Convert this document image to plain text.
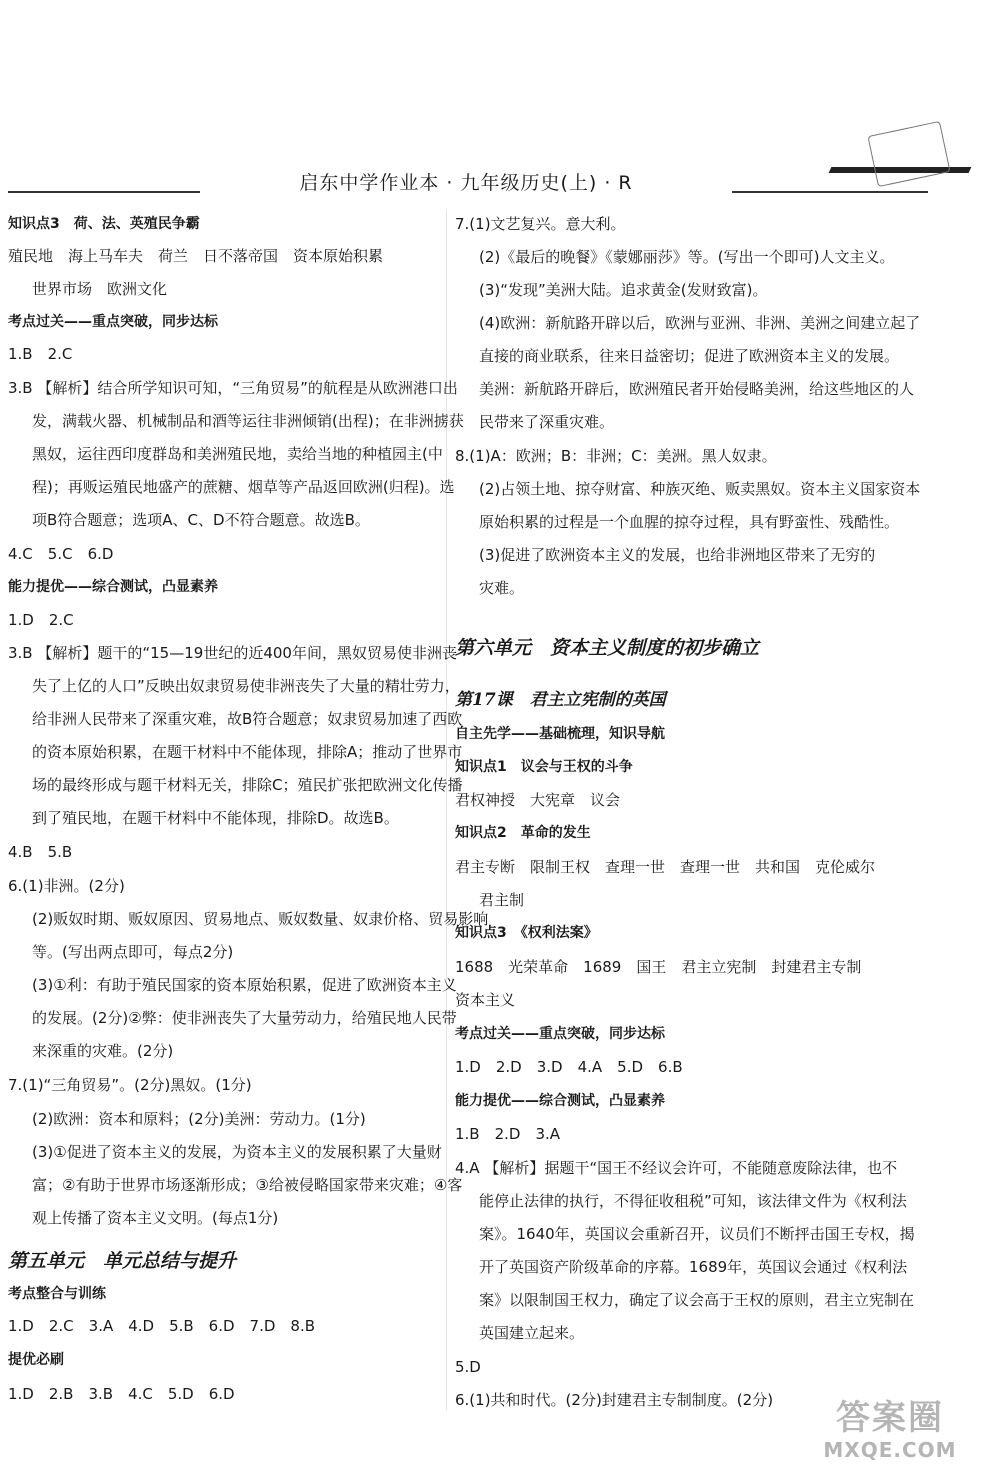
启东中学作业本 · 九年级历史(上) · R
知识点3　荷、法、英殖民争霸
殖民地　海上马车夫　荷兰　日不落帝国　资本原始积累
世界市场　欧洲文化
考点过关——重点突破，同步达标
1.B　2.C
3.B 【解析】结合所学知识可知，“三角贸易”的航程是从欧洲港口出
发，满载火器、机械制品和酒等运往非洲倾销(出程)；在非洲掳获
黑奴，运往西印度群岛和美洲殖民地，卖给当地的种植园主(中
程)；再贩运殖民地盛产的蔗糖、烟草等产品返回欧洲(归程)。选
项B符合题意；选项A、C、D不符合题意。故选B。
4.C　5.C　6.D
能力提优——综合测试，凸显素养
1.D　2.C
3.B 【解析】题干的“15—19世纪的近400年间，黑奴贸易使非洲丧
失了上亿的人口”反映出奴隶贸易使非洲丧失了大量的精壮劳力，
给非洲人民带来了深重灾难，故B符合题意；奴隶贸易加速了西欧
的资本原始积累，在题干材料中不能体现，排除A；推动了世界市
场的最终形成与题干材料无关，排除C；殖民扩张把欧洲文化传播
到了殖民地，在题干材料中不能体现，排除D。故选B。
4.B　5.B
6.(1)非洲。(2分)
(2)贩奴时期、贩奴原因、贸易地点、贩奴数量、奴隶价格、贸易影响
等。(写出两点即可，每点2分)
(3)①利：有助于殖民国家的资本原始积累，促进了欧洲资本主义
的发展。(2分)②弊：使非洲丧失了大量劳动力，给殖民地人民带
来深重的灾难。(2分)
7.(1)“三角贸易”。(2分)黑奴。(1分)
(2)欧洲：资本和原料；(2分)美洲：劳动力。(1分)
(3)①促进了资本主义的发展，为资本主义的发展积累了大量财
富；②有助于世界市场逐渐形成；③给被侵略国家带来灾难；④客
观上传播了资本主义文明。(每点1分)
第五单元　单元总结与提升
考点整合与训练
1.D　2.C　3.A　4.D　5.B　6.D　7.D　8.B
提优必刷
1.D　2.B　3.B　4.C　5.D　6.D
7.(1)文艺复兴。意大利。
(2)《最后的晚餐》《蒙娜丽莎》等。(写出一个即可)人文主义。
(3)“发现”美洲大陆。追求黄金(发财致富)。
(4)欧洲：新航路开辟以后，欧洲与亚洲、非洲、美洲之间建立起了
直接的商业联系，往来日益密切；促进了欧洲资本主义的发展。
美洲：新航路开辟后，欧洲殖民者开始侵略美洲，给这些地区的人
民带来了深重灾难。
8.(1)A：欧洲；B：非洲；C：美洲。黑人奴隶。
(2)占领土地、掠夺财富、种族灭绝、贩卖黑奴。资本主义国家资本
原始积累的过程是一个血腥的掠夺过程，具有野蛮性、残酷性。
(3)促进了欧洲资本主义的发展，也给非洲地区带来了无穷的
灾难。
第六单元　资本主义制度的初步确立
第17课　君主立宪制的英国
自主先学——基础梳理，知识导航
知识点1　议会与王权的斗争
君权神授　大宪章　议会
知识点2　革命的发生
君主专断　限制王权　查理一世　查理一世　共和国　克伦威尔
君主制
知识点3　《权利法案》
1688　光荣革命　1689　国王　君主立宪制　封建君主专制
资本主义
考点过关——重点突破，同步达标
1.D　2.D　3.D　4.A　5.D　6.B
能力提优——综合测试，凸显素养
1.B　2.D　3.A
4.A 【解析】据题干“国王不经议会许可，不能随意废除法律，也不
能停止法律的执行，不得征收租税”可知，该法律文件为《权利法
案》。1640年，英国议会重新召开，议员们不断抨击国王专权，揭
开了英国资产阶级革命的序幕。1689年，英国议会通过《权利法
案》以限制国王权力，确定了议会高于王权的原则，君主立宪制在
英国建立起来。
5.D
6.(1)共和时代。(2分)封建君主专制制度。(2分)	答案圈
MXQE.COM
